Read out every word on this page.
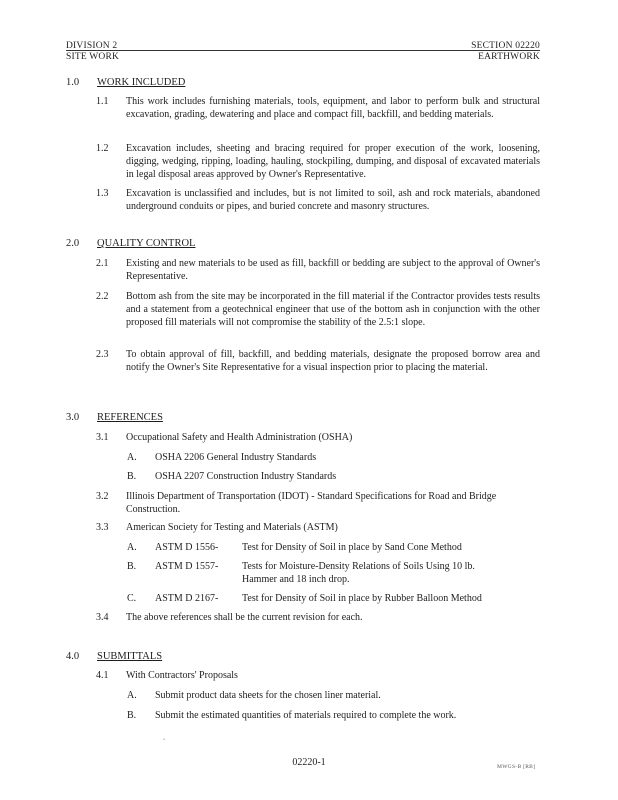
DIVISION 2	SECTION 02220
SITE WORK	EARTHWORK
1.0 WORK INCLUDED
1.1 This work includes furnishing materials, tools, equipment, and labor to perform bulk and structural excavation, grading, dewatering and place and compact fill, backfill, and bedding materials.
1.2 Excavation includes, sheeting and bracing required for proper execution of the work, loosening, digging, wedging, ripping, loading, hauling, stockpiling, dumping, and disposal of excavated materials in legal disposal areas approved by Owner's Representative.
1.3 Excavation is unclassified and includes, but is not limited to soil, ash and rock materials, abandoned underground conduits or pipes, and buried concrete and masonry structures.
2.0 QUALITY CONTROL
2.1 Existing and new materials to be used as fill, backfill or bedding are subject to the approval of Owner's Representative.
2.2 Bottom ash from the site may be incorporated in the fill material if the Contractor provides tests results and a statement from a geotechnical engineer that use of the bottom ash in conjunction with the other proposed fill materials will not compromise the stability of the 2.5:1 slope.
2.3 To obtain approval of fill, backfill, and bedding materials, designate the proposed borrow area and notify the Owner's Site Representative for a visual inspection prior to placing the material.
3.0 REFERENCES
3.1 Occupational Safety and Health Administration (OSHA)
A. OSHA 2206 General Industry Standards
B. OSHA 2207 Construction Industry Standards
3.2 Illinois Department of Transportation (IDOT) - Standard Specifications for Road and Bridge Construction.
3.3 American Society for Testing and Materials (ASTM)
A. ASTM D 1556- Test for Density of Soil in place by Sand Cone Method
B. ASTM D 1557- Tests for Moisture-Density Relations of Soils Using 10 lb. Hammer and 18 inch drop.
C. ASTM D 2167- Test for Density of Soil in place by Rubber Balloon Method
3.4 The above references shall be the current revision for each.
4.0 SUBMITTALS
4.1 With Contractors' Proposals
A. Submit product data sheets for the chosen liner material.
B. Submit the estimated quantities of materials required to complete the work.
‘
02220-1	MWGS-B [RB]
